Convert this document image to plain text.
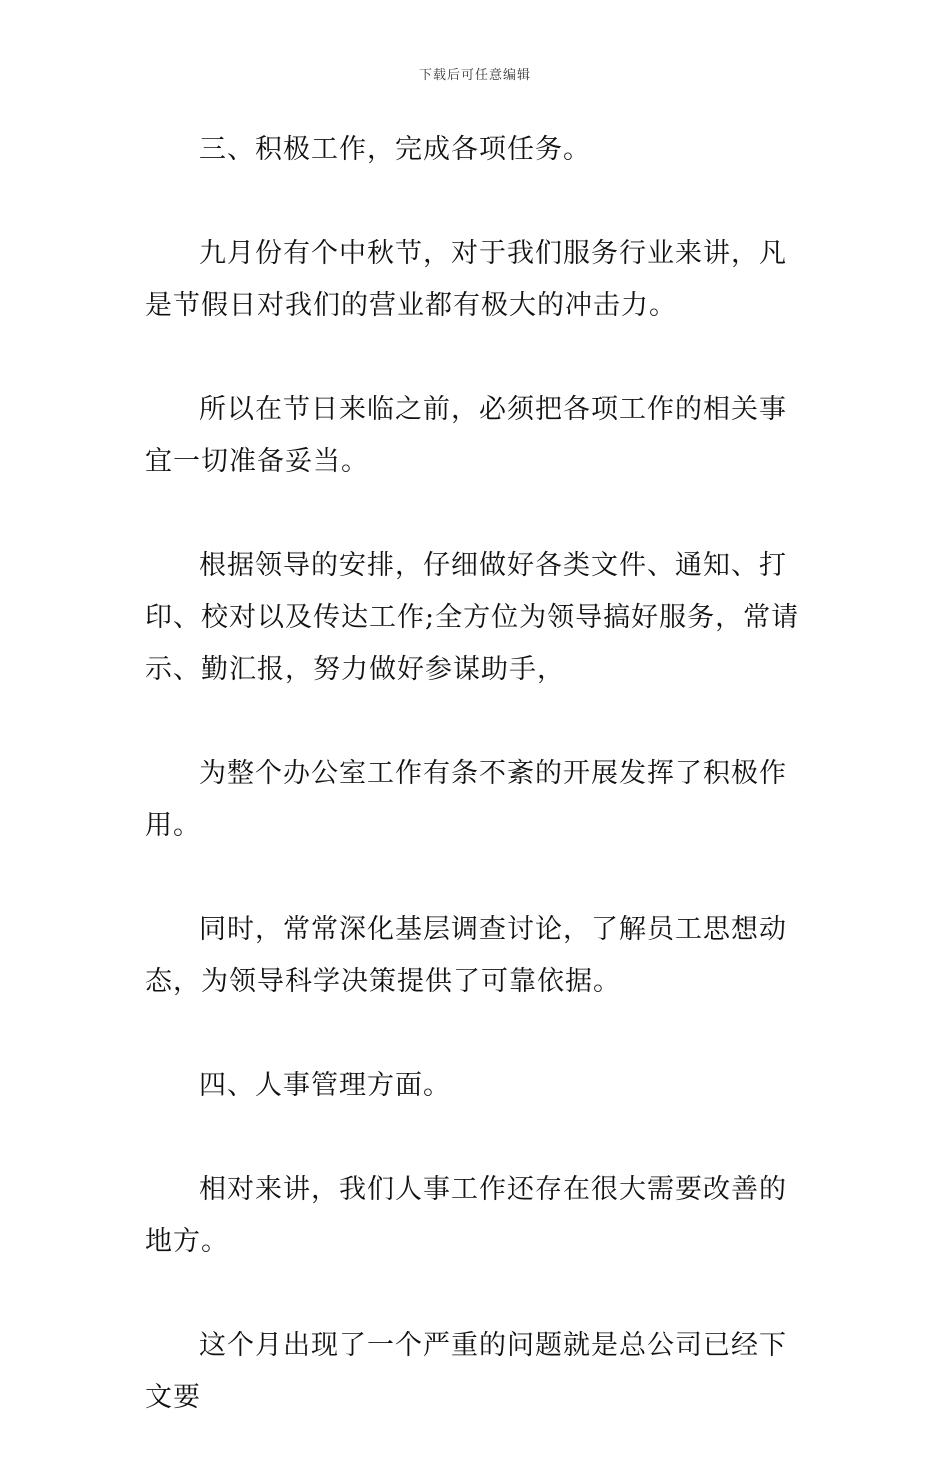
下载后可任意编辑

三、积极工作，完成各项任务。

九月份有个中秋节，对于我们服务行业来讲，凡是节假日对我们的营业都有极大的冲击力。

所以在节日来临之前，必须把各项工作的相关事宜一切准备妥当。

根据领导的安排，仔细做好各类文件、通知、打印、校对以及传达工作;全方位为领导搞好服务，常请示、勤汇报，努力做好参谋助手，

为整个办公室工作有条不紊的开展发挥了积极作用。

同时，常常深化基层调查讨论，了解员工思想动态，为领导科学决策提供了可靠依据。

四、人事管理方面。

相对来讲，我们人事工作还存在很大需要改善的地方。

这个月出现了一个严重的问题就是总公司已经下文要
